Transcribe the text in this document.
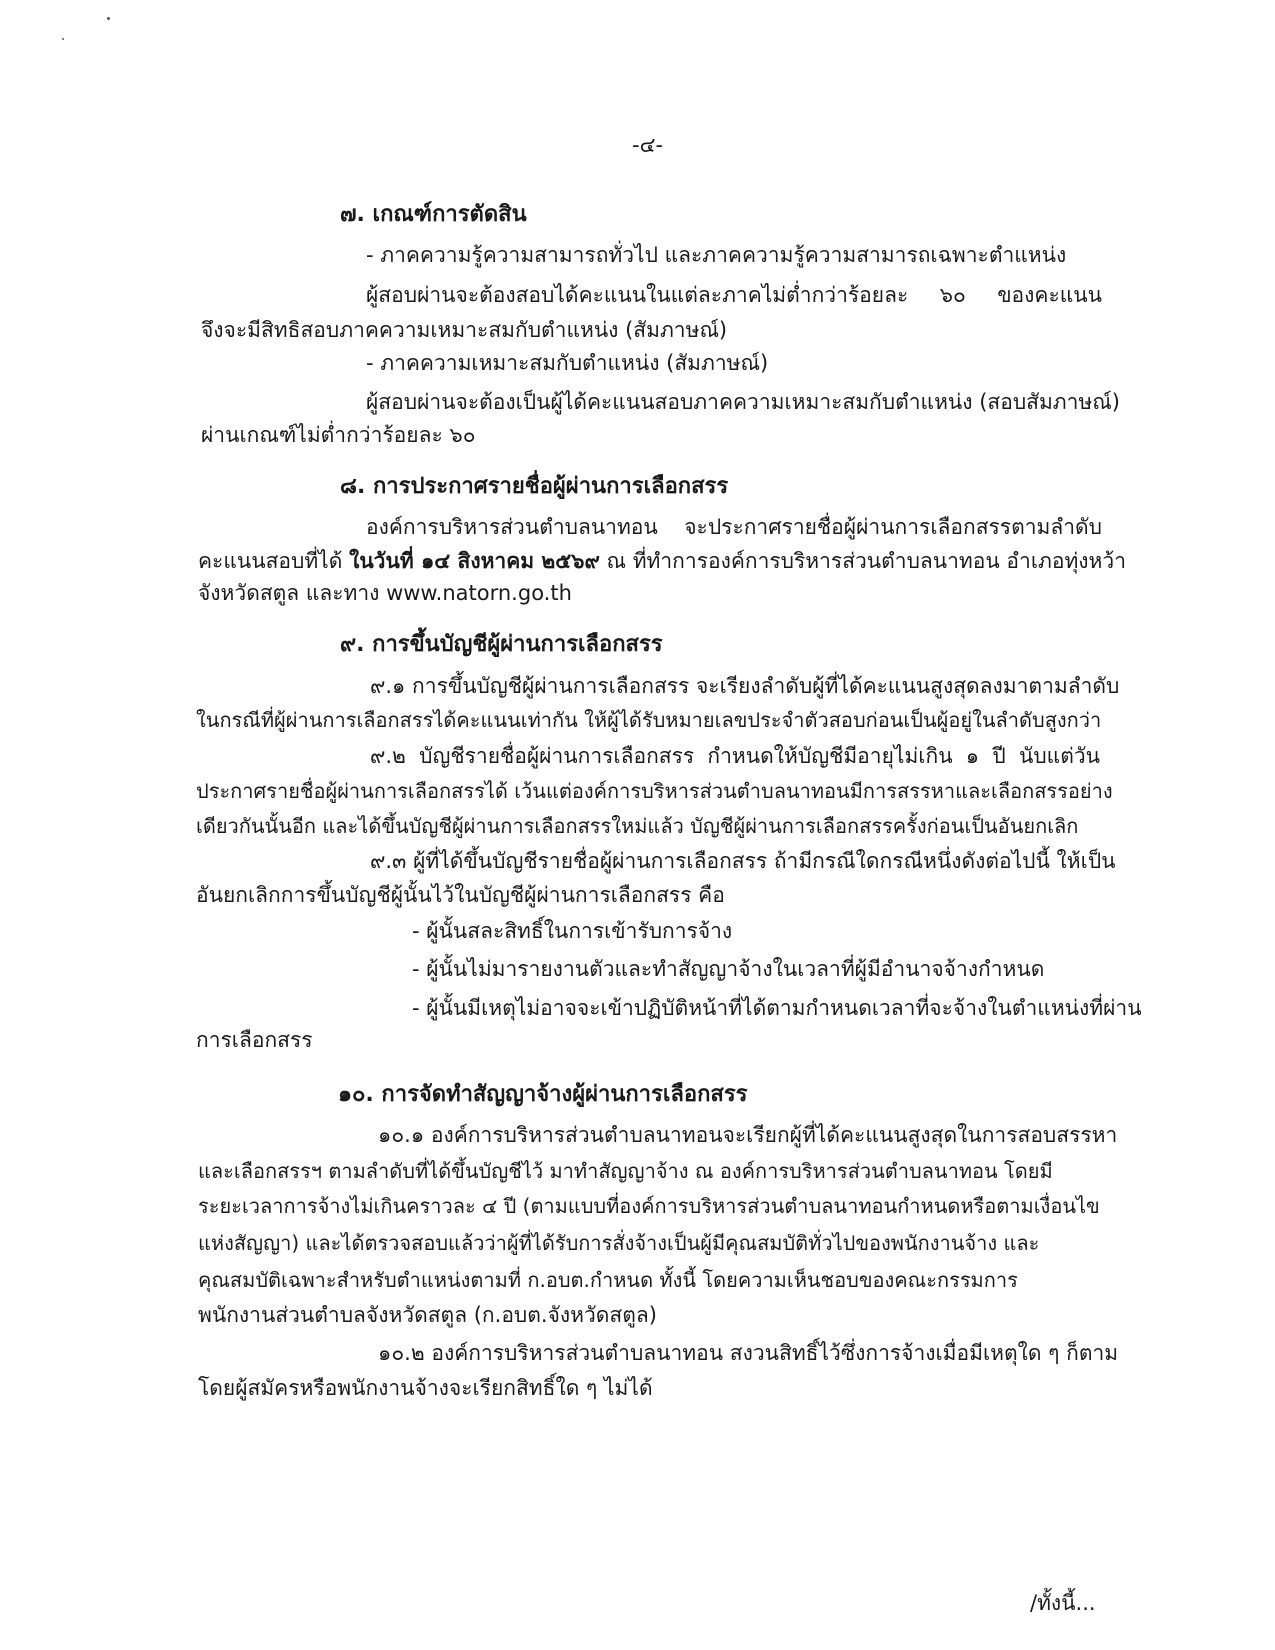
-๔-
๗. เกณฑ์การตัดสิน
- ภาคความรู้ความสามารถทั่วไป และภาคความรู้ความสามารถเฉพาะตำแหน่ง
ผู้สอบผ่านจะต้องสอบได้คะแนนในแต่ละภาคไม่ต่ำกว่าร้อยละ ๖๐ ของคะแนน
จึงจะมีสิทธิสอบภาคความเหมาะสมกับตำแหน่ง (สัมภาษณ์)
- ภาคความเหมาะสมกับตำแหน่ง (สัมภาษณ์)
ผู้สอบผ่านจะต้องเป็นผู้ได้คะแนนสอบภาคความเหมาะสมกับตำแหน่ง (สอบสัมภาษณ์)
ผ่านเกณฑ์ไม่ต่ำกว่าร้อยละ ๖๐
๘. การประกาศรายชื่อผู้ผ่านการเลือกสรร
องค์การบริหารส่วนตำบลนาทอน จะประกาศรายชื่อผู้ผ่านการเลือกสรรตามลำดับ
คะแนนสอบที่ได้ ในวันที่ ๑๔ สิงหาคม ๒๕๖๙ ณ ที่ทำการองค์การบริหารส่วนตำบลนาทอน อำเภอทุ่งหว้า
จังหวัดสตูล และทาง www.natorn.go.th
๙. การขึ้นบัญชีผู้ผ่านการเลือกสรร
๙.๑ การขึ้นบัญชีผู้ผ่านการเลือกสรร จะเรียงลำดับผู้ที่ได้คะแนนสูงสุดลงมาตามลำดับ
ในกรณีที่ผู้ผ่านการเลือกสรรได้คะแนนเท่ากัน ให้ผู้ได้รับหมายเลขประจำตัวสอบก่อนเป็นผู้อยู่ในลำดับสูงกว่า
๙.๒ บัญชีรายชื่อผู้ผ่านการเลือกสรร กำหนดให้บัญชีมีอายุไม่เกิน ๑ ปี นับแต่วัน
ประกาศรายชื่อผู้ผ่านการเลือกสรรได้ เว้นแต่องค์การบริหารส่วนตำบลนาทอนมีการสรรหาและเลือกสรรอย่าง
เดียวกันนั้นอีก และได้ขึ้นบัญชีผู้ผ่านการเลือกสรรใหม่แล้ว บัญชีผู้ผ่านการเลือกสรรครั้งก่อนเป็นอันยกเลิก
๙.๓ ผู้ที่ได้ขึ้นบัญชีรายชื่อผู้ผ่านการเลือกสรร ถ้ามีกรณีใดกรณีหนึ่งดังต่อไปนี้ ให้เป็น
อันยกเลิกการขึ้นบัญชีผู้นั้นไว้ในบัญชีผู้ผ่านการเลือกสรร คือ
- ผู้นั้นสละสิทธิ์ในการเข้ารับการจ้าง
- ผู้นั้นไม่มารายงานตัวและทำสัญญาจ้างในเวลาที่ผู้มีอำนาจจ้างกำหนด
- ผู้นั้นมีเหตุไม่อาจจะเข้าปฏิบัติหน้าที่ได้ตามกำหนดเวลาที่จะจ้างในตำแหน่งที่ผ่าน
การเลือกสรร
๑๐. การจัดทำสัญญาจ้างผู้ผ่านการเลือกสรร
๑๐.๑ องค์การบริหารส่วนตำบลนาทอนจะเรียกผู้ที่ได้คะแนนสูงสุดในการสอบสรรหา
และเลือกสรรฯ ตามลำดับที่ได้ขึ้นบัญชีไว้ มาทำสัญญาจ้าง ณ องค์การบริหารส่วนตำบลนาทอน โดยมี
ระยะเวลาการจ้างไม่เกินคราวละ ๔ ปี (ตามแบบที่องค์การบริหารส่วนตำบลนาทอนกำหนดหรือตามเงื่อนไข
แห่งสัญญา) และได้ตรวจสอบแล้วว่าผู้ที่ได้รับการสั่งจ้างเป็นผู้มีคุณสมบัติทั่วไปของพนักงานจ้าง และ
คุณสมบัติเฉพาะสำหรับตำแหน่งตามที่ ก.อบต.กำหนด ทั้งนี้ โดยความเห็นชอบของคณะกรรมการ
พนักงานส่วนตำบลจังหวัดสตูล (ก.อบต.จังหวัดสตูล)
๑๐.๒ องค์การบริหารส่วนตำบลนาทอน สงวนสิทธิ์ไว้ซึ่งการจ้างเมื่อมีเหตุใด ๆ ก็ตาม
โดยผู้สมัครหรือพนักงานจ้างจะเรียกสิทธิ์ใด ๆ ไม่ได้
/ทั้งนี้...
